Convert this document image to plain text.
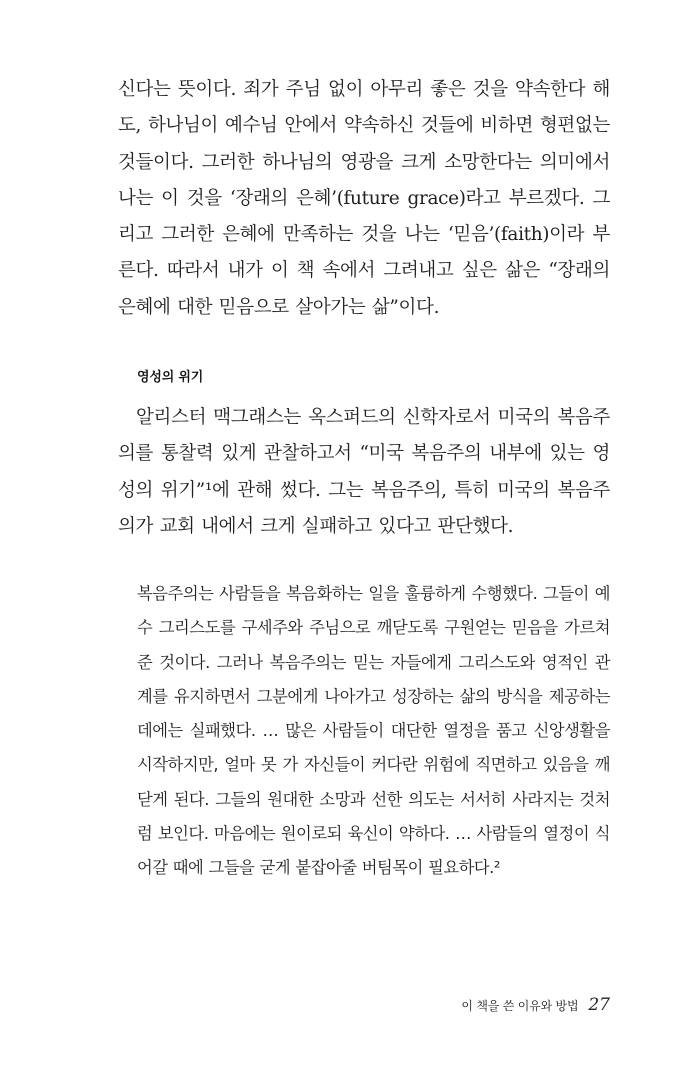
신다는 뜻이다. 죄가 주님 없이 아무리 좋은 것을 약속한다 해도, 하나님이 예수님 안에서 약속하신 것들에 비하면 형편없는 것들이다. 그러한 하나님의 영광을 크게 소망한다는 의미에서 나는 이 것을 ‘장래의 은혜’(future grace)라고 부르겠다. 그리고 그러한 은혜에 만족하는 것을 나는 ‘믿음’(faith)이라 부른다. 따라서 내가 이 책 속에서 그려내고 싶은 삶은 “장래의 은혜에 대한 믿음으로 살아가는 삶”이다.

영성의 위기

알리스터 맥그래스는 옥스퍼드의 신학자로서 미국의 복음주의를 통찰력 있게 관찰하고서 “미국 복음주의 내부에 있는 영성의 위기”¹에 관해 썼다. 그는 복음주의, 특히 미국의 복음주의가 교회 내에서 크게 실패하고 있다고 판단했다.

복음주의는 사람들을 복음화하는 일을 훌륭하게 수행했다. 그들이 예수 그리스도를 구세주와 주님으로 깨닫도록 구원얻는 믿음을 가르쳐준 것이다. 그러나 복음주의는 믿는 자들에게 그리스도와 영적인 관계를 유지하면서 그분에게 나아가고 성장하는 삶의 방식을 제공하는 데에는 실패했다. … 많은 사람들이 대단한 열정을 품고 신앙생활을 시작하지만, 얼마 못 가 자신들이 커다란 위험에 직면하고 있음을 깨닫게 된다. 그들의 원대한 소망과 선한 의도는 서서히 사라지는 것처럼 보인다. 마음에는 원이로되 육신이 약하다. … 사람들의 열정이 식어갈 때에 그들을 굳게 붙잡아줄 버팀목이 필요하다.²

이 책을 쓴 이유와 방법 27
